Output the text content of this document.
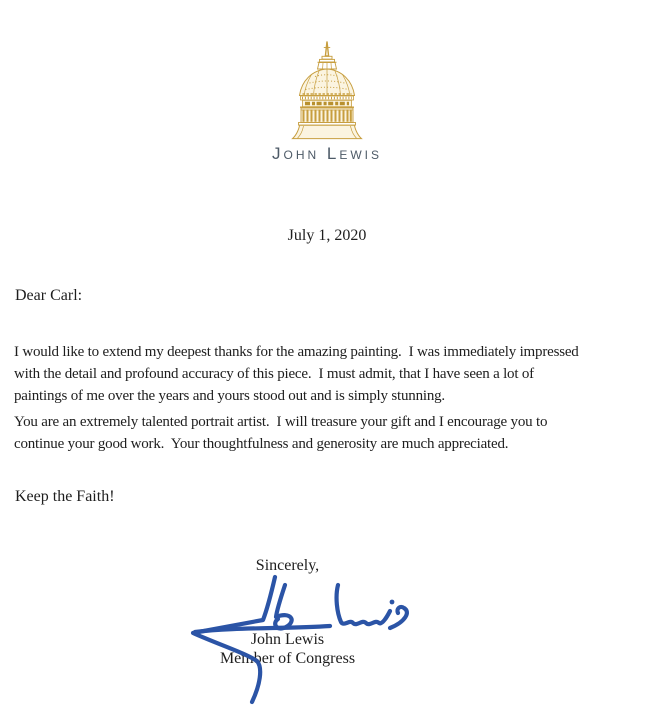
John Lewis
July 1, 2020
Dear Carl:
I would like to extend my deepest thanks for the amazing painting.  I was immediately impressed
with the detail and profound accuracy of this piece.  I must admit, that I have seen a lot of
paintings of me over the years and yours stood out and is simply stunning.
You are an extremely talented portrait artist.  I will treasure your gift and I encourage you to
continue your good work.  Your thoughtfulness and generosity are much appreciated.
Keep the Faith!
Sincerely,
John Lewis
Member of Congress
